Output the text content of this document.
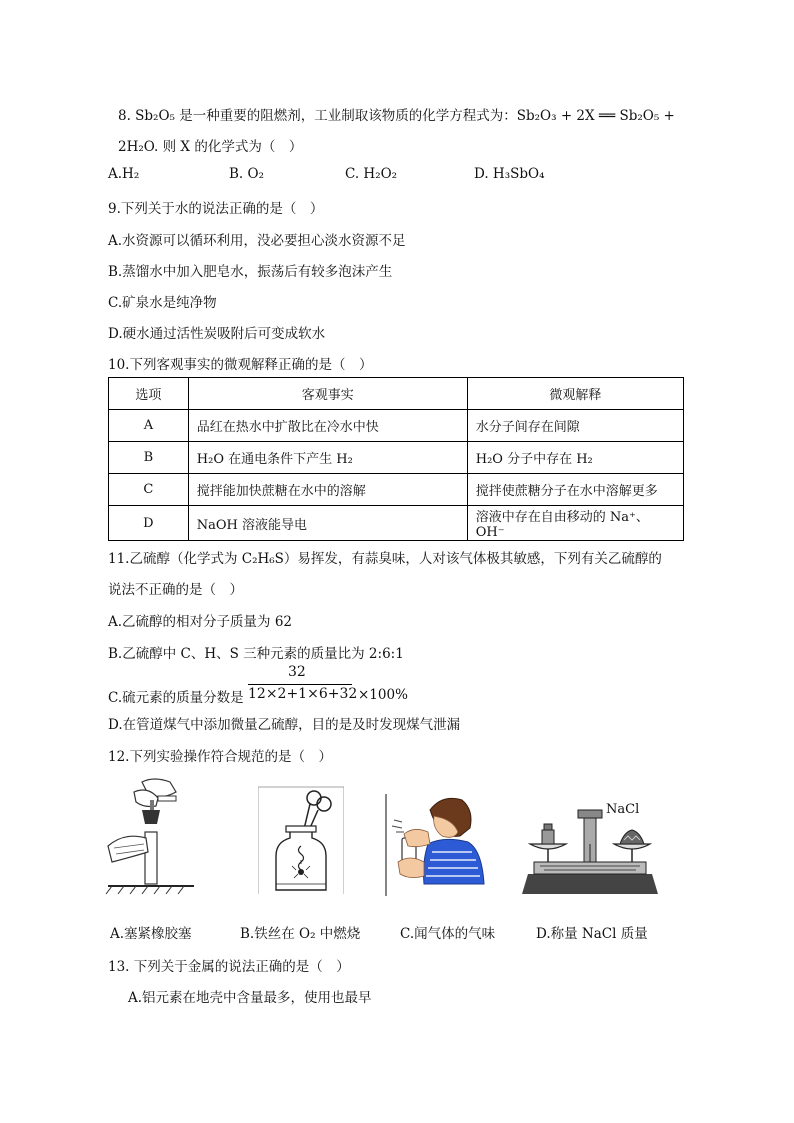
8. Sb₂O₅ 是一种重要的阻燃剂，工业制取该物质的化学方程式为：Sb₂O₃ + 2X ══ Sb₂O₅ +
2H₂O. 则 X 的化学式为（　）
A.H₂	B. O₂	C. H₂O₂	D. H₃SbO₄
9.下列关于水的说法正确的是（　）
A.水资源可以循环利用，没必要担心淡水资源不足
B.蒸馏水中加入肥皂水，振荡后有较多泡沫产生
C.矿泉水是纯净物
D.硬水通过活性炭吸附后可变成软水
10.下列客观事实的微观解释正确的是（　）
选项	客观事实	微观解释
A	品红在热水中扩散比在冷水中快	水分子间存在间隙
B	H₂O 在通电条件下产生 H₂	H₂O 分子中存在 H₂
C	搅拌能加快蔗糖在水中的溶解	搅拌使蔗糖分子在水中溶解更多
D	NaOH 溶液能导电	溶液中存在自由移动的 Na⁺、OH⁻
11.乙硫醇（化学式为 C₂H₆S）易挥发，有蒜臭味，人对该气体极其敏感，下列有关乙硫醇的
说法不正确的是（　）
A.乙硫醇的相对分子质量为 62
B.乙硫醇中 C、H、S 三种元素的质量比为 2:6:1
C.硫元素的质量分数是
32
12×2+1×6+32 ×100%
D.在管道煤气中添加微量乙硫醇，目的是及时发现煤气泄漏
12.下列实验操作符合规范的是（　）
NaCl
A.塞紧橡胶塞	B.铁丝在 O₂ 中燃烧	C.闻气体的气味	D.称量 NaCl 质量
13. 下列关于金属的说法正确的是（　）
A.铝元素在地壳中含量最多，使用也最早
